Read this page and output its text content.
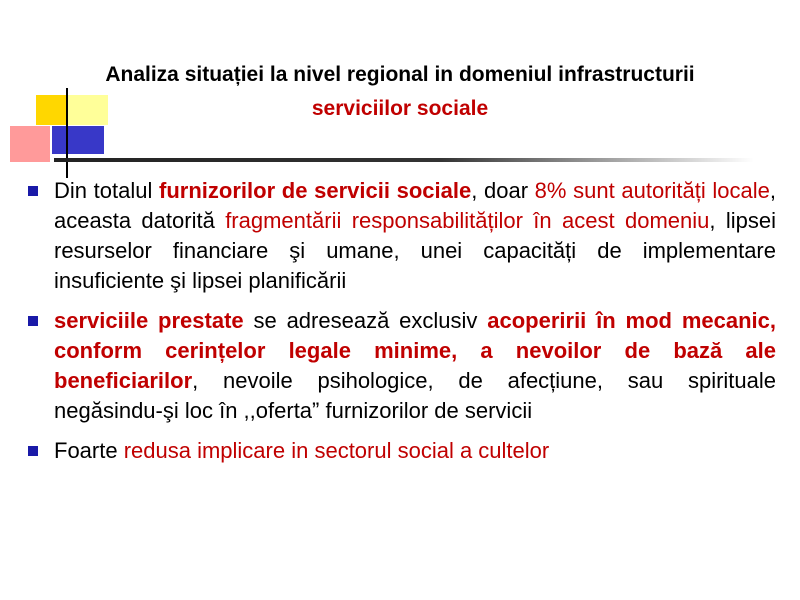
Analiza situației la nivel regional in domeniul infrastructurii
serviciilor sociale
Din totalul furnizorilor de servicii sociale, doar 8% sunt autorități locale, aceasta datorită fragmentării responsabilităților în acest domeniu, lipsei resurselor financiare şi umane, unei capacități de implementare insuficiente şi lipsei planificării
serviciile prestate se adresează exclusiv acoperirii în mod mecanic, conform cerințelor legale minime, a nevoilor de bază ale beneficiarilor, nevoile psihologice, de afecțiune, sau spirituale negăsindu-şi loc în ,,oferta” furnizorilor de servicii
Foarte redusa implicare in sectorul social a cultelor
